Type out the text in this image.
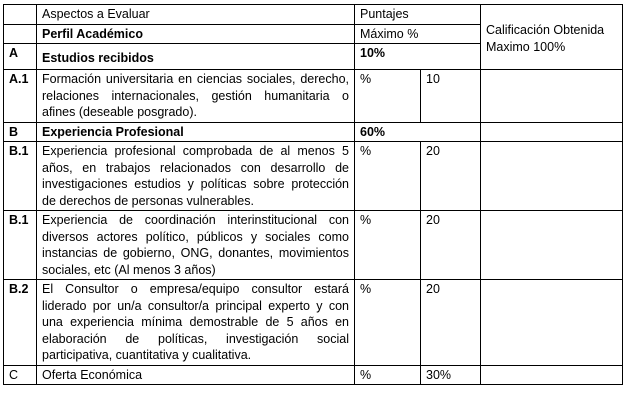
	Aspectos a Evaluar	Puntajes		Calificación Obtenida Maximo 100%
	Perfil Académico	Máximo %		
A	Estudios recibidos	10%		
A.1	Formación universitaria en ciencias sociales, derecho, relaciones internacionales, gestión humanitaria o afines (deseable posgrado).	%	10	
B	Experiencia Profesional	60%		
B.1	Experiencia profesional comprobada de al menos 5 años, en trabajos relacionados con desarrollo de investigaciones estudios y políticas sobre protección de derechos de personas vulnerables.	%	20	
B.1	Experiencia de coordinación interinstitucional con diversos actores político, públicos y sociales como instancias de gobierno, ONG, donantes, movimientos sociales, etc (Al menos 3 años)	%	20	
B.2	El Consultor o empresa/equipo consultor estará liderado por un/a consultor/a principal experto y con una experiencia mínima demostrable de 5 años en elaboración de políticas, investigación social participativa, cuantitativa y cualitativa.	%	20	
C	Oferta Económica	%	30%	
